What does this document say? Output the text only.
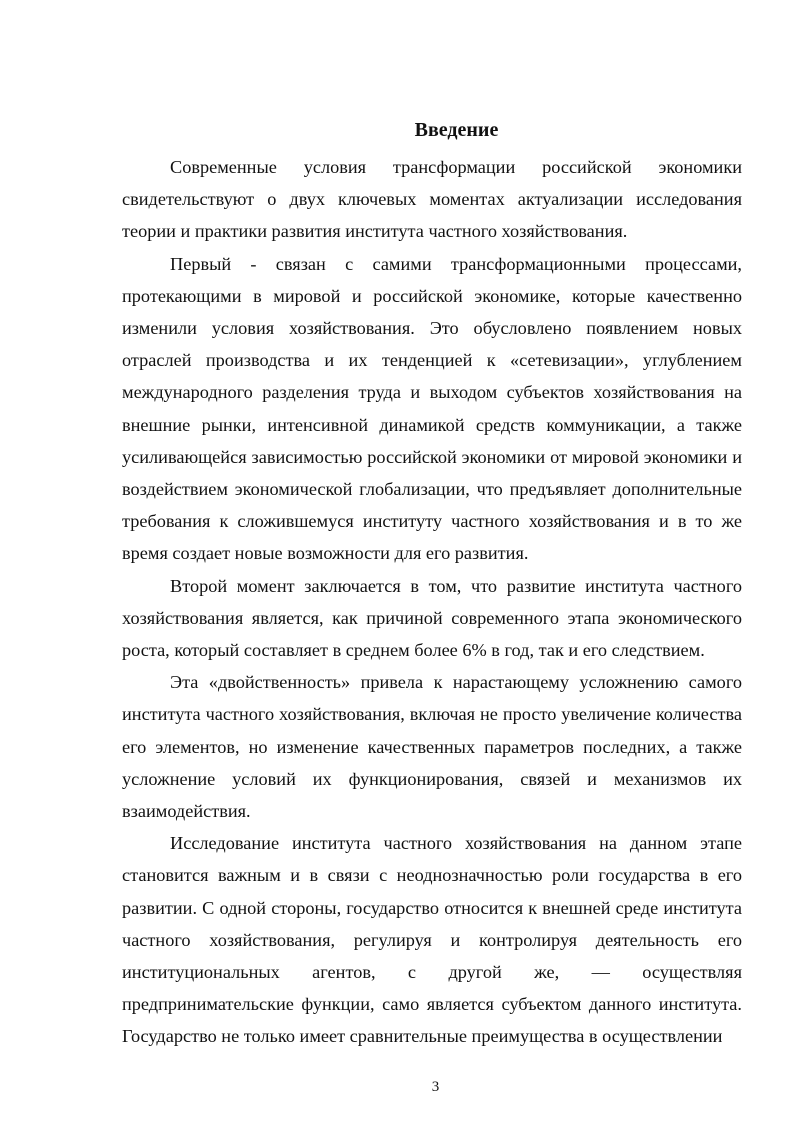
Введение

Современные условия трансформации российской экономики свидетельствуют о двух ключевых моментах актуализации исследования теории и практики развития института частного хозяйствования.

Первый - связан с самими трансформационными процессами, протекающими в мировой и российской экономике, которые качественно изменили условия хозяйствования. Это обусловлено появлением новых отраслей производства и их тенденцией к «сетевизации», углублением международного разделения труда и выходом субъектов хозяйствования на внешние рынки, интенсивной динамикой средств коммуникации, а также усиливающейся зависимостью российской экономики от мировой экономики и воздействием экономической глобализации, что предъявляет дополнительные требования к сложившемуся институту частного хозяйствования и в то же время создает новые возможности для его развития.

Второй момент заключается в том, что развитие института частного хозяйствования является, как причиной современного этапа экономического роста, который составляет в среднем более 6% в год, так и его следствием.

Эта «двойственность» привела к нарастающему усложнению самого института частного хозяйствования, включая не просто увеличение количества его элементов, но изменение качественных параметров последних, а также усложнение условий их функционирования, связей и механизмов их взаимодействия.

Исследование института частного хозяйствования на данном этапе становится важным и в связи с неоднозначностью роли государства в его развитии. С одной стороны, государство относится к внешней среде института частного хозяйствования, регулируя и контролируя деятельность его институциональных агентов, с другой же, — осуществляя предпринимательские функции, само является субъектом данного института. Государство не только имеет сравнительные преимущества в осуществлении

3
